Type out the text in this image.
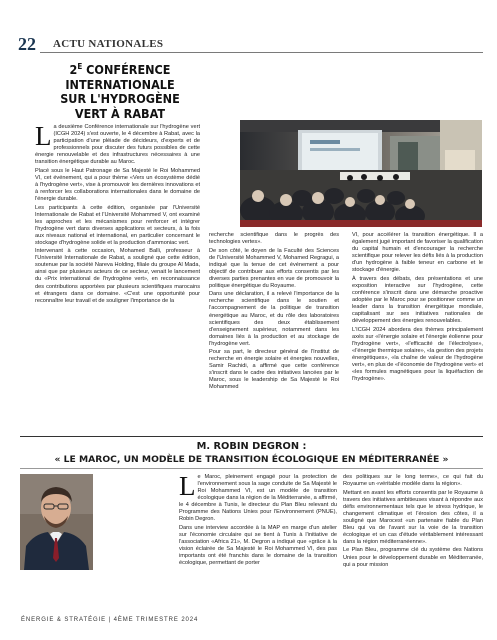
22 ACTU NATIONALES
$2^E$ CONFÉRENCE INTERNATIONALE SUR L'HYDROGÈNE VERT À RABAT

La deuxième Conférence internationale sur l'hydrogène vert (ICGH 2024) s'est ouverte, le 4 décembre à Rabat, avec la participation d'une pléiade de décideurs, d'experts et de professionnels pour discuter des futurs possibles de cette énergie renouvelable et des infrastructures nécessaires à une transition énergétique durable au Maroc.

Placé sous le Haut Patronage de Sa Majesté le Roi Mohammed VI, cet événement, qui a pour thème «Vers un écosystème dédié à l'hydrogène vert», vise à promouvoir les dernières innovations et à renforcer les collaborations internationales dans le domaine de l'énergie durable.

Les participants à cette édition, organisée par l'Université Internationale de Rabat et l'Université Mohammed V, ont examiné les approches et les mécanismes pour renforcer et intégrer l'hydrogène vert dans diverses applications et secteurs, à la fois aux niveaux national et international, en particulier concernant le stockage d'hydrogène solide et la production d'ammoniac vert.

Intervenant à cette occasion, Mohamed Balli, professeur à l'Université Internationale de Rabat, a souligné que cette édition, soutenue par la société Nareva Holding, filiale du groupe Al Mada, ainsi que par plusieurs acteurs de ce secteur, venait le lancement du «Prix international de l'hydrogène vert», en reconnaissance des contributions apportées par plusieurs scientifiques marocains et étrangers dans ce domaine. «C'est une opportunité pour reconnaître leur travail et de souligner l'importance de la

recherche scientifique dans le progrès des technologies vertes».

De son côté, le doyen de la Faculté des Sciences de l'Université Mohammed V, Mohamed Regragui, a indiqué que la tenue de cet événement a pour objectif de contribuer aux efforts consentis par les diverses parties prenantes en vue de promouvoir la politique énergétique du Royaume.

Dans une déclaration, il a relevé l'importance de la recherche scientifique dans le soutien et l'accompagnement de la politique de transition énergétique au Maroc, et du rôle des laboratoires scientifiques des deux établissement d'enseignement supérieur, notamment dans les domaines liés à la production et au stockage de l'hydrogène vert.

Pour sa part, le directeur général de l'Institut de recherche en énergie solaire et énergies nouvelles, Samir Rachidi, a affirmé que cette conférence s'inscrit dans le cadre des initiatives lancées par le Maroc, sous le leadership de Sa Majesté le Roi Mohammed

VI, pour accélérer la transition énergétique. Il a également jugé important de favoriser la qualification du capital humain et d'encourager la recherche scientifique pour relever les défis liés à la production d'un hydrogène à faible teneur en carbone et le stockage d'énergie.

À travers des débats, des présentations et une exposition interactive sur l'hydrogène, cette conférence s'inscrit dans une démarche proactive adoptée par le Maroc pour se positionner comme un leader dans la transition énergétique mondiale, capitalisant sur ses initiatives nationales de développement des énergies renouvelables.

L'ICGH 2024 abordera des thèmes principalement axés sur «l'énergie solaire et l'énergie éolienne pour l'hydrogène vert», «l'efficacité de l'électrolyse», «l'énergie thermique solaire», «la gestion des projets énergétiques», «la chaîne de valeur de l'hydrogène vert», en plus de «l'économie de l'hydrogène vert» et «les formules magnétiques pour la liquéfaction de l'hydrogène».

M. ROBIN DEGRON :
« LE MAROC, UN MODÈLE DE TRANSITION ÉCOLOGIQUE EN MÉDITERRANÉE »

Le Maroc, pleinement engagé pour la protection de l'environnement sous la sage conduite de Sa Majesté le Roi Mohammed VI, est un modèle de transition écologique dans la région de la Méditerranée, a affirmé, le 4 décembre à Tunis, le directeur du Plan Bleu relevant du Programme des Nations Unies pour l'Environnement (PNUE), Robin Degron.

Dans une interview accordée à la MAP en marge d'un atelier sur l'économie circulaire qui se tient à Tunis à l'initiative de l'association «Africa 21», M. Degron a indiqué que «grâce à la vision éclairée de Sa Majesté le Roi Mohammed VI, des pas importants ont été franchis dans le domaine de la transition écologique, permettant de porter

des politiques sur le long terme», ce qui fait du Royaume un «véritable modèle dans la région».

Mettant en avant les efforts consentis par le Royaume à travers des initiatives ambitieuses visant à répondre aux défis environnementaux tels que le stress hydrique, le changement climatique et l'érosion des côtes, il a souligné que Marocest «un partenaire fiable du Plan Bleu qui va de l'avant sur la voie de la transition écologique et un cas d'étude véritablement intéressant dans la région méditerranéenne».

Le Plan Bleu, programme clé du système des Nations Unies pour le développement durable en Méditerranée, qui a pour mission

ÉNERGIE & STRATÉGIE | 4ÈME TRIMESTRE 2024
